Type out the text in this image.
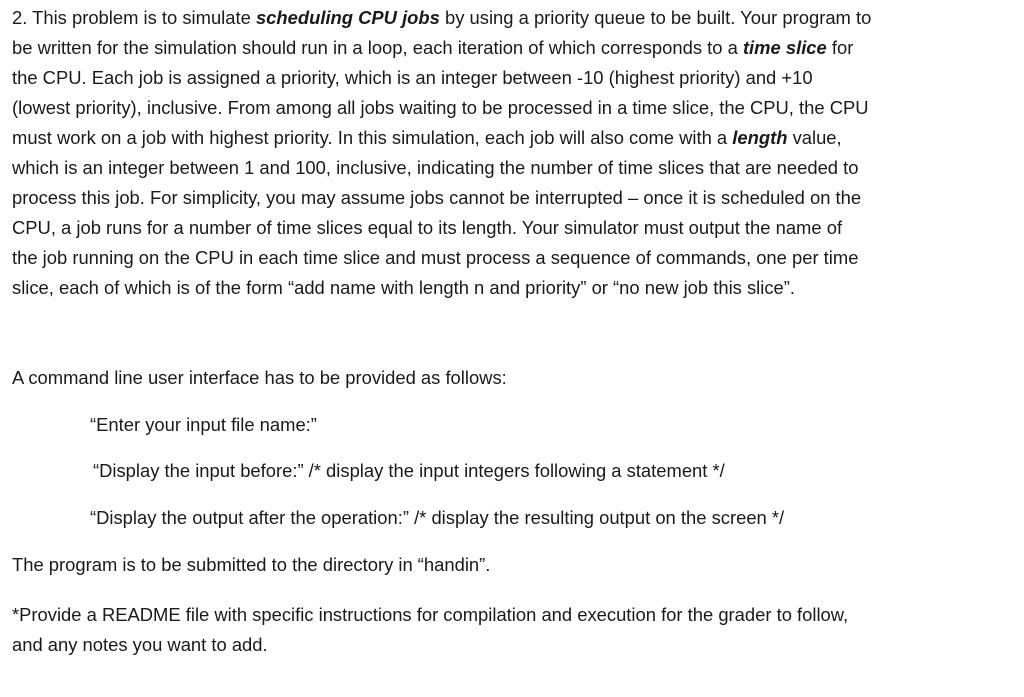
2. This problem is to simulate scheduling CPU jobs by using a priority queue to be built. Your program to
be written for the simulation should run in a loop, each iteration of which corresponds to a time slice for
the CPU. Each job is assigned a priority, which is an integer between -10 (highest priority) and +10
(lowest priority), inclusive. From among all jobs waiting to be processed in a time slice, the CPU, the CPU
must work on a job with highest priority. In this simulation, each job will also come with a length value,
which is an integer between 1 and 100, inclusive, indicating the number of time slices that are needed to
process this job. For simplicity, you may assume jobs cannot be interrupted – once it is scheduled on the
CPU, a job runs for a number of time slices equal to its length. Your simulator must output the name of
the job running on the CPU in each time slice and must process a sequence of commands, one per time
slice, each of which is of the form “add name with length n and priority” or “no new job this slice”.

A command line user interface has to be provided as follows:
“Enter your input file name:”
“Display the input before:” /* display the input integers following a statement */
“Display the output after the operation:” /* display the resulting output on the screen */
The program is to be submitted to the directory in “handin”.
*Provide a README file with specific instructions for compilation and execution for the grader to follow,
and any notes you want to add.
